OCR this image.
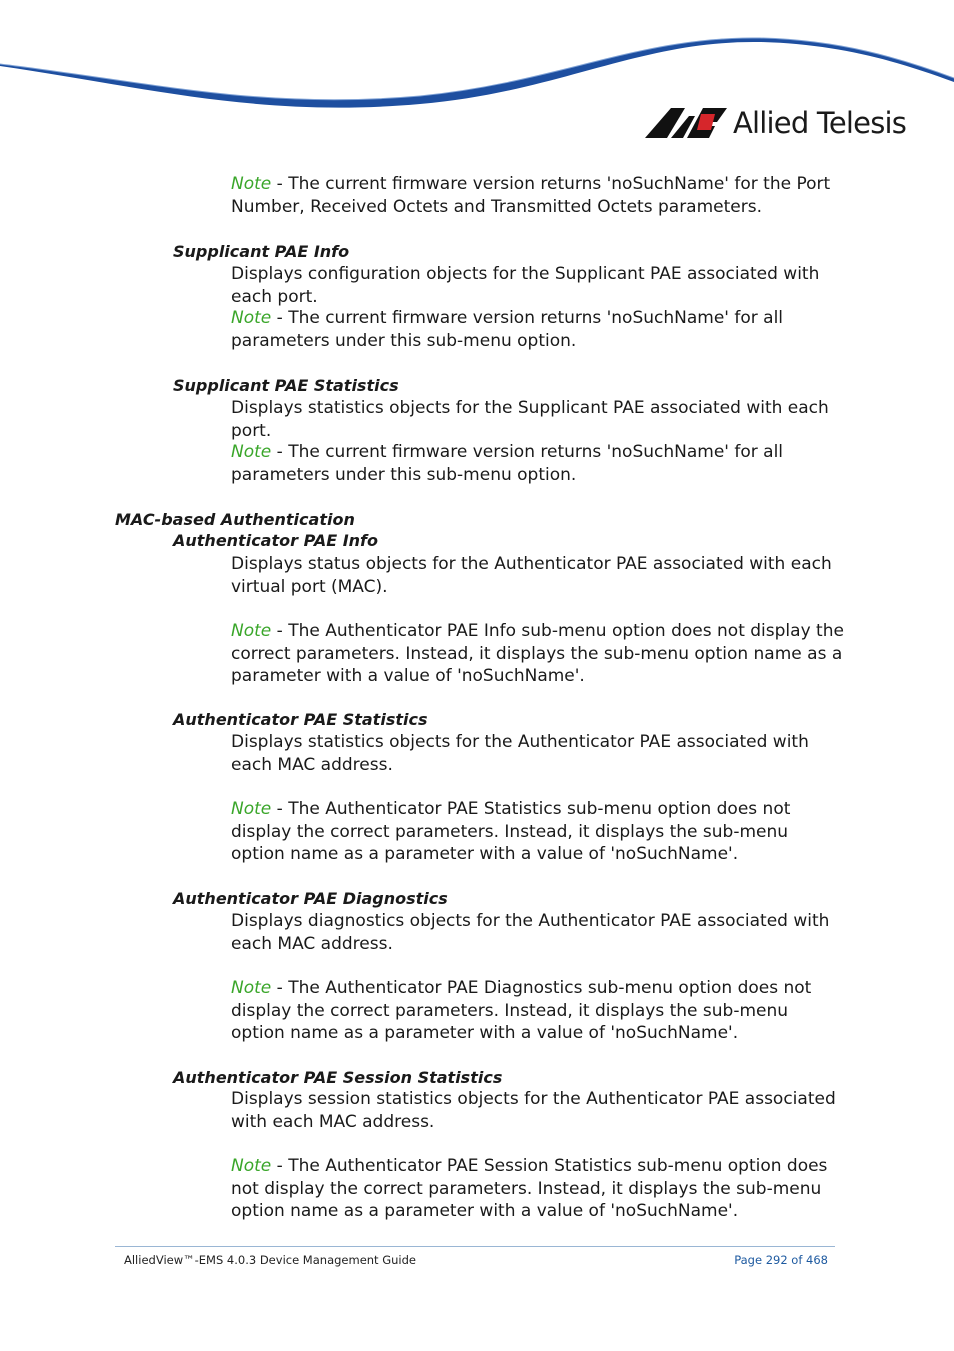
Allied Telesis

Note - The current firmware version returns 'noSuchName' for the Port Number, Received Octets and Transmitted Octets parameters.

Supplicant PAE Info

Displays configuration objects for the Supplicant PAE associated with each port.

Note - The current firmware version returns 'noSuchName' for all parameters under this sub-menu option.

Supplicant PAE Statistics

Displays statistics objects for the Supplicant PAE associated with each port.

Note - The current firmware version returns 'noSuchName' for all parameters under this sub-menu option.

MAC-based Authentication
Authenticator PAE Info

Displays status objects for the Authenticator PAE associated with each virtual port (MAC).

Note - The Authenticator PAE Info sub-menu option does not display the correct parameters. Instead, it displays the sub-menu option name as a parameter with a value of 'noSuchName'.

Authenticator PAE Statistics

Displays statistics objects for the Authenticator PAE associated with each MAC address.

Note - The Authenticator PAE Statistics sub-menu option does not display the correct parameters. Instead, it displays the sub-menu option name as a parameter with a value of 'noSuchName'.

Authenticator PAE Diagnostics

Displays diagnostics objects for the Authenticator PAE associated with each MAC address.

Note - The Authenticator PAE Diagnostics sub-menu option does not display the correct parameters. Instead, it displays the sub-menu option name as a parameter with a value of 'noSuchName'.

Authenticator PAE Session Statistics

Displays session statistics objects for the Authenticator PAE associated with each MAC address.

Note - The Authenticator PAE Session Statistics sub-menu option does not display the correct parameters. Instead, it displays the sub-menu option name as a parameter with a value of 'noSuchName'.

AlliedView™-EMS 4.0.3 Device Management Guide	Page 292 of 468
